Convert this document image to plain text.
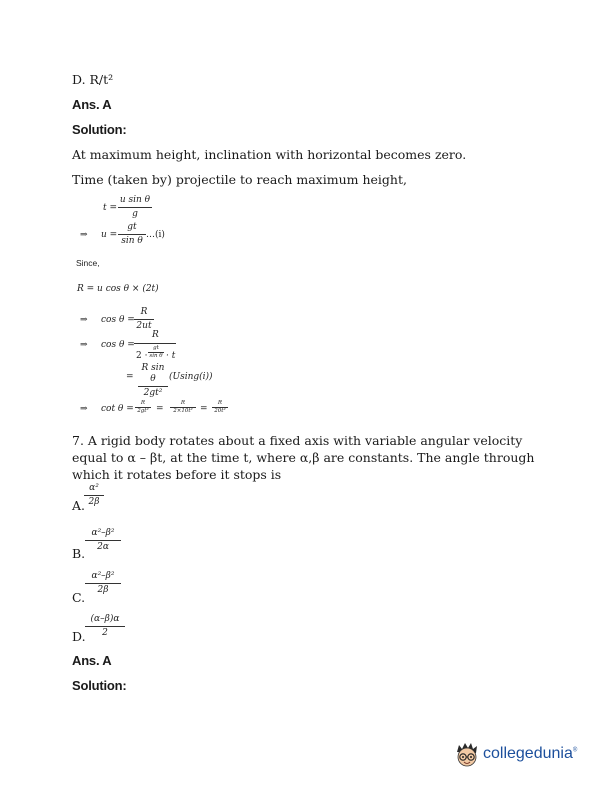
D. R/t²
Ans. A
Solution:
At maximum height, inclination with horizontal becomes zero.
Time (taken by) projectile to reach maximum height,
t =
u sin θ
g
⇒ u =
gt
sin θ
…(i)
Since,
R = u cos θ × (2t)
⇒ cos θ =
R
2ut
⇒ cos θ =
R
2 ·
gt
sin θ · t
=
R sin θ
2gt²
(Using(i))
⇒ cot θ =
R
2gt² =
R
2×10t² =
R
20t²
7. A rigid body rotates about a fixed axis with variable angular velocity equal to α – βt, at the time t, where α,β are constants. The angle through which it rotates before it stops is
A.
α²
2β
B.
α²–β²
2α
C.
α²–β²
2β
D.
(α–β)α
2
Ans. A
Solution:
collegedunia®
